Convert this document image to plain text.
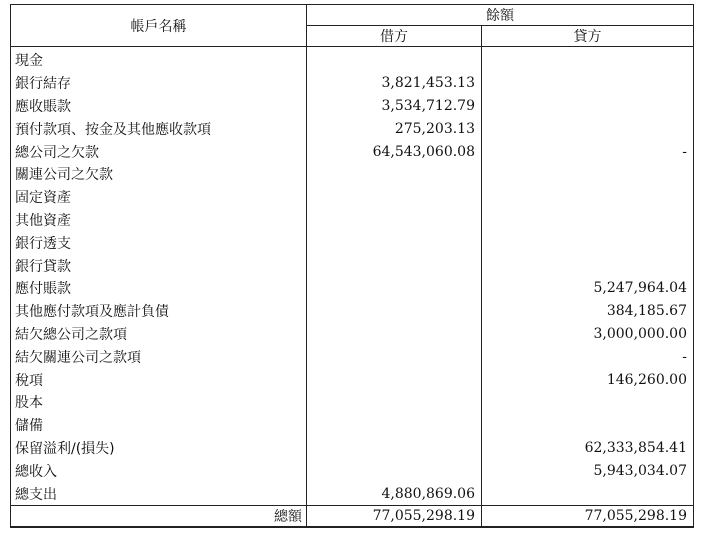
帳戶名稱	餘額	
	借方	貸方
現金		
銀行結存	3,821,453.13	
應收賬款	3,534,712.79	
預付款項、按金及其他應收款項	275,203.13	
總公司之欠款	64,543,060.08	-
關連公司之欠款		
固定資產		
其他資產		
銀行透支		
銀行貸款		
應付賬款		5,247,964.04
其他應付款項及應計負債		384,185.67
結欠總公司之款項		3,000,000.00
結欠關連公司之款項		-
稅項		146,260.00
股本		
儲備		
保留溢利/(損失)		62,333,854.41
總收入		5,943,034.07
總支出	4,880,869.06	
總額	77,055,298.19	77,055,298.19
